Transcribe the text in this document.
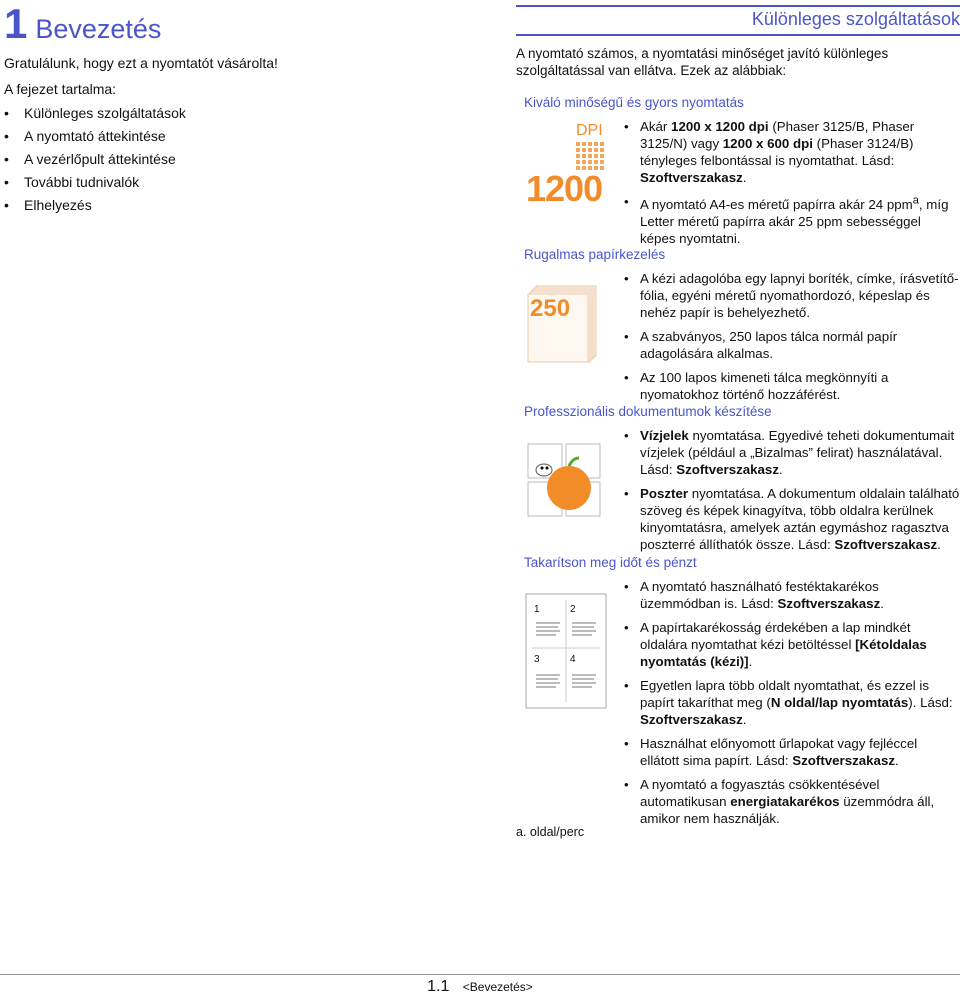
1 Bevezetés
Gratulálunk, hogy ezt a nyomtatót vásárolta!
A fejezet tartalma:
•	Különleges szolgáltatások
•	A nyomtató áttekintése
•	A vezérlőpult áttekintése
•	További tudnivalók
•	Elhelyezés
Különleges szolgáltatások
A nyomtató számos, a nyomtatási minőséget javító különleges szolgáltatással van ellátva. Ezek az alábbiak:
Kiváló minőségű és gyors nyomtatás
DPI
1200
• Akár 1200 x 1200 dpi (Phaser 3125/B, Phaser 3125/N) vagy 1200 x 600 dpi (Phaser 3124/B) tényleges felbontással is nyomtathat. Lásd: Szoftverszakasz.
• A nyomtató A4-es méretű papírra akár 24 ppm$^a$, míg Letter méretű papírra akár 25 ppm sebességgel képes nyomtatni.
Rugalmas papírkezelés
250
• A kézi adagolóba egy lapnyi boríték, címke, írásvetítő-fólia, egyéni méretű nyomathordozó, képeslap és nehéz papír is behelyezhető.
• A szabványos, 250 lapos tálca normál papír adagolására alkalmas.
• Az 100 lapos kimeneti tálca megkönnyíti a nyomatokhoz történő hozzáférést.
Professzionális dokumentumok készítése
• Vízjelek nyomtatása. Egyedivé teheti dokumentumait vízjelek (például a „Bizalmas” felirat) használatával. Lásd: Szoftverszakasz.
• Poszter nyomtatása. A dokumentum oldalain található szöveg és képek kinagyítva, több oldalra kerülnek kinyomtatásra, amelyek aztán egymáshoz ragasztva poszterré állíthatók össze. Lásd: Szoftverszakasz.
Takarítson meg időt és pénzt
1	2
3	4
• A nyomtató használható festéktakarékos üzemmódban is. Lásd: Szoftverszakasz.
• A papírtakarékosság érdekében a lap mindkét oldalára nyomtathat kézi betöltéssel [Kétoldalas nyomtatás (kézi)].
• Egyetlen lapra több oldalt nyomtathat, és ezzel is papírt takaríthat meg (N oldal/lap nyomtatás). Lásd: Szoftverszakasz.
• Használhat előnyomott űrlapokat vagy fejléccel ellátott sima papírt. Lásd: Szoftverszakasz.
• A nyomtató a fogyasztás csökkentésével automatikusan energiatakarékos üzemmódra áll, amikor nem használják.
a. oldal/perc
1.1 <Bevezetés>
